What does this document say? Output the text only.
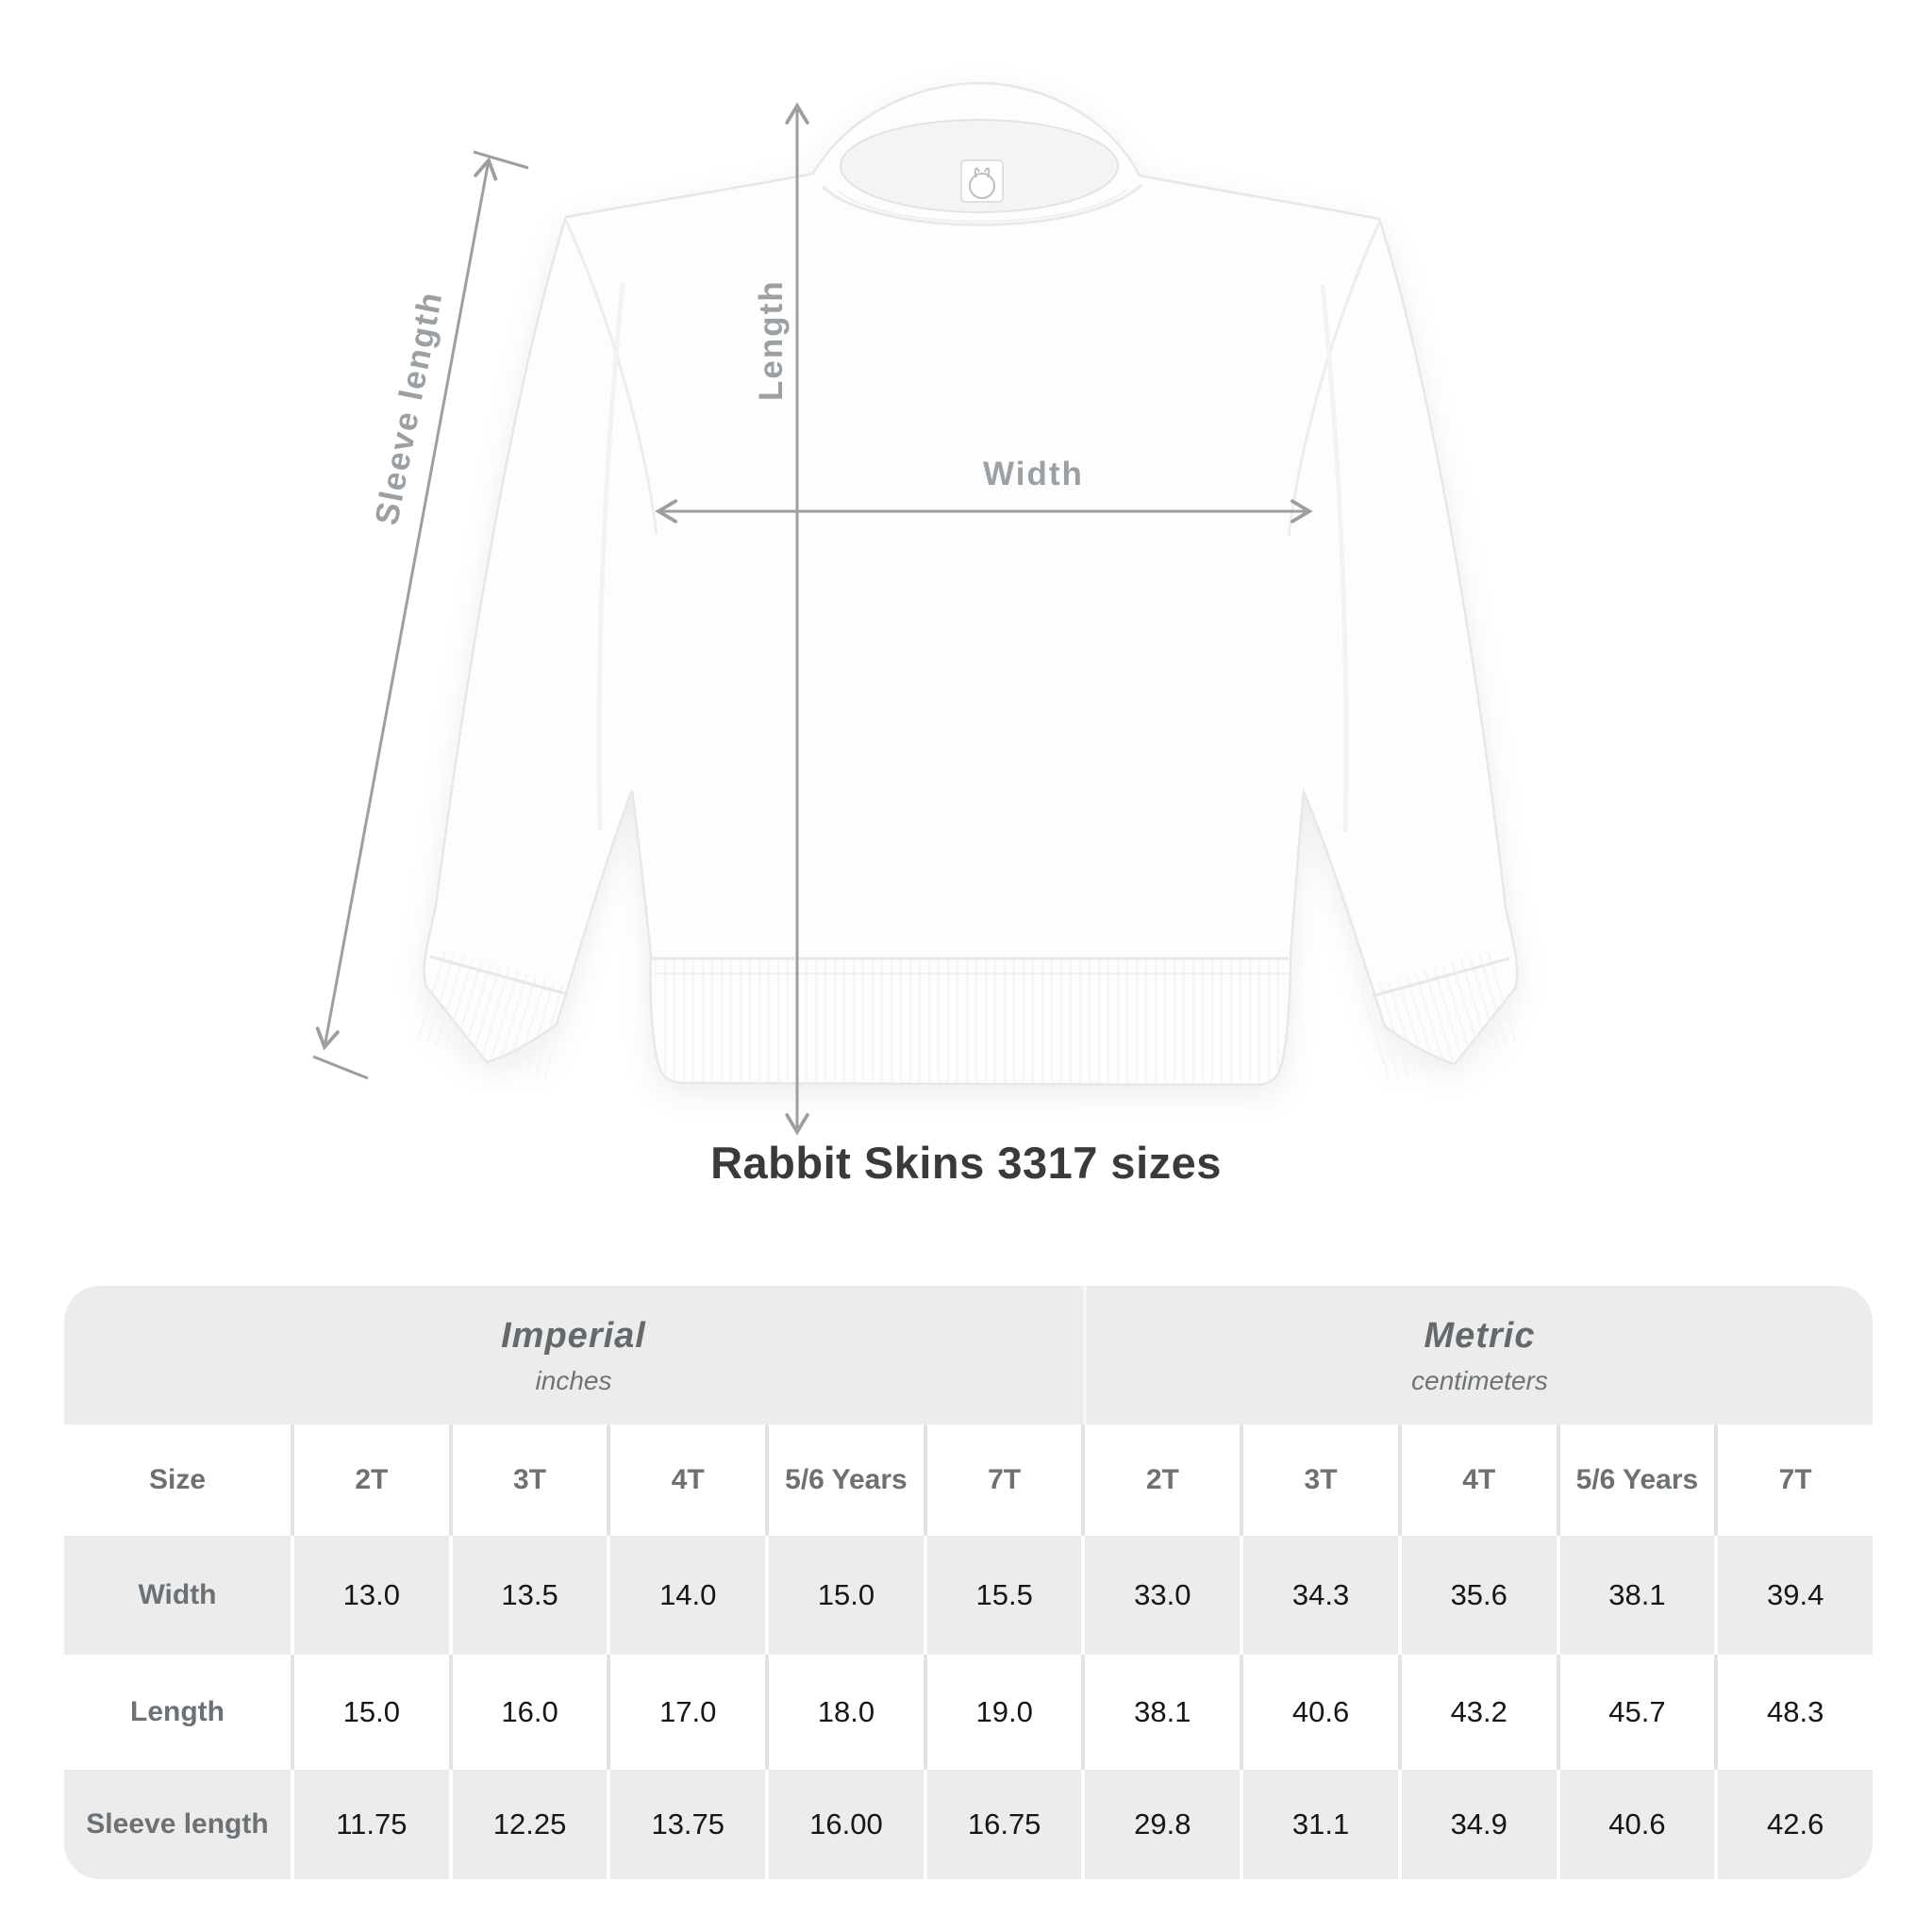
Sleeve length
Rabbit Skins 3317 sizes
Imperial
inches
Metric
centimeters
Size	2T	3T	4T	5/6 Years	7T	2T	3T	4T	5/6 Years	7T
Width	13.0	13.5	14.0	15.0	15.5	33.0	34.3	35.6	38.1	39.4
Length	15.0	16.0	17.0	18.0	19.0	38.1	40.6	43.2	45.7	48.3
Sleeve length	11.75	12.25	13.75	16.00	16.75	29.8	31.1	34.9	40.6	42.6
